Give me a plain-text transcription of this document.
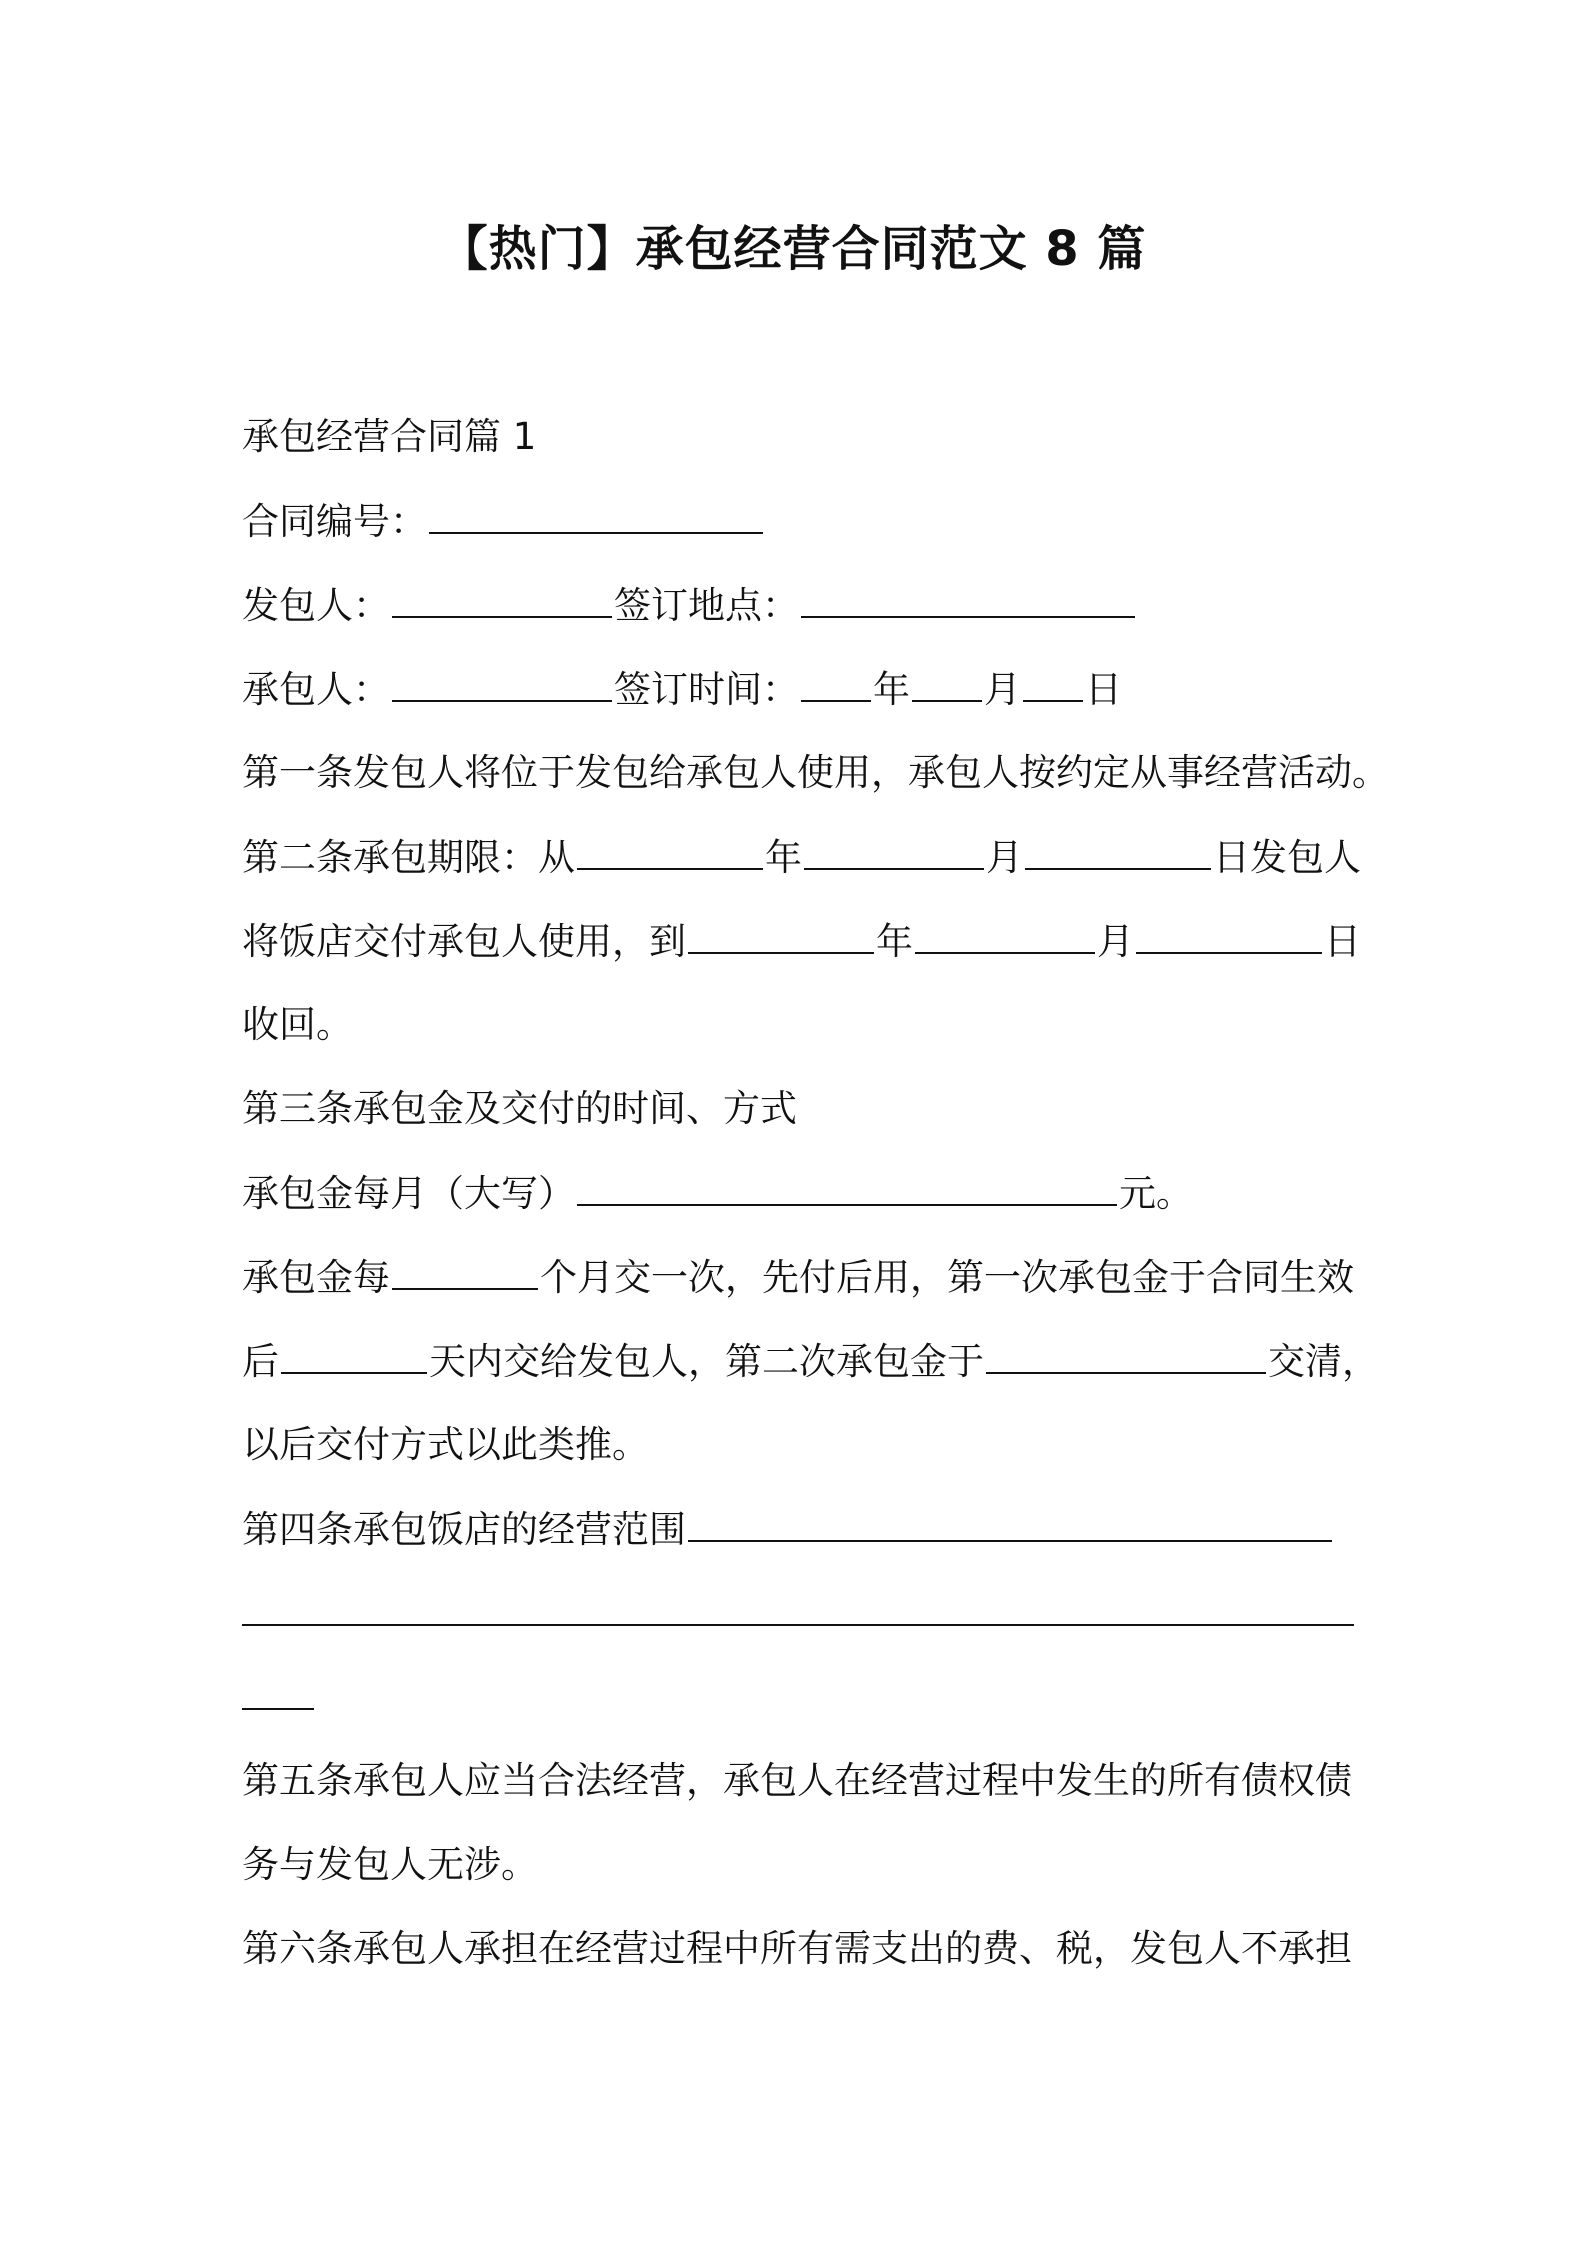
【热门】承包经营合同范文 8 篇
承包经营合同篇 1
合同编号：
发包人：	签订地点：
承包人：	签订时间： 年 月 日
第一条发包人将位于发包给承包人使用，承包人按约定从事经营活动。
第二条承包期限：从	年	月	日发包人
将饭店交付承包人使用，到	年	月	日
收回。
第三条承包金及交付的时间、方式
承包金每月（大写）	元。
承包金每	个月交一次，先付后用，第一次承包金于合同生效
后	天内交给发包人，第二次承包金于	交清，
以后交付方式以此类推。
第四条承包饭店的经营范围
第五条承包人应当合法经营，承包人在经营过程中发生的所有债权债
务与发包人无涉。
第六条承包人承担在经营过程中所有需支出的费、税，发包人不承担
